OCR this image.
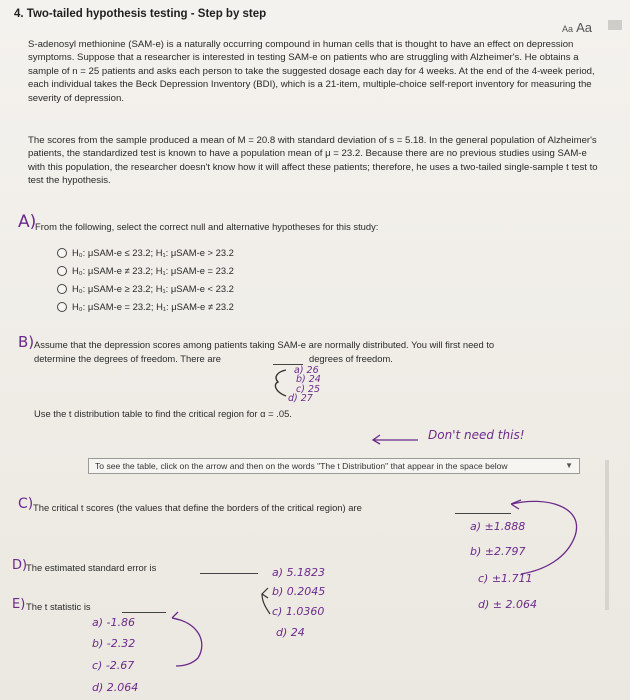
4. Two-tailed hypothesis testing - Step by step
Aa Aa
S-adenosyl methionine (SAM-e) is a naturally occurring compound in human cells that is thought to have an effect on depression symptoms. Suppose that a researcher is interested in testing SAM-e on patients who are struggling with Alzheimer's. He obtains a sample of n = 25 patients and asks each person to take the suggested dosage each day for 4 weeks. At the end of the 4-week period, each individual takes the Beck Depression Inventory (BDI), which is a 21-item, multiple-choice self-report inventory for measuring the severity of depression.
The scores from the sample produced a mean of M = 20.8 with standard deviation of s = 5.18. In the general population of Alzheimer's patients, the standardized test is known to have a population mean of μ = 23.2. Because there are no previous studies using SAM-e with this population, the researcher doesn't know how it will affect these patients; therefore, he uses a two-tailed single-sample t test to test the hypothesis.
A)
From the following, select the correct null and alternative hypotheses for this study:
H₀: μSAM-e ≤ 23.2; H₁: μSAM-e > 23.2
H₀: μSAM-e ≠ 23.2; H₁: μSAM-e = 23.2
H₀: μSAM-e ≥ 23.2; H₁: μSAM-e < 23.2
H₀: μSAM-e = 23.2; H₁: μSAM-e ≠ 23.2
B) Assume that the depression scores among patients taking SAM-e are normally distributed. You will first need to
determine the degrees of freedom. There are	degrees of freedom.
a) 26
b) 24
c) 25
d) 27
Use the t distribution table to find the critical region for α = .05.
Don't need this!
To see the table, click on the arrow and then on the words "The t Distribution" that appear in the space below	▼
C) The critical t scores (the values that define the borders of the critical region) are
a) ±1.888
b) ±2.797
c) ±1.711
d) ± 2.064
D)
The estimated standard error is	a) 5.1823
b) 0.2045
c) 1.0360
d) 24
E) The t statistic is
a) -1.86
b) -2.32
c) -2.67
d) 2.064
